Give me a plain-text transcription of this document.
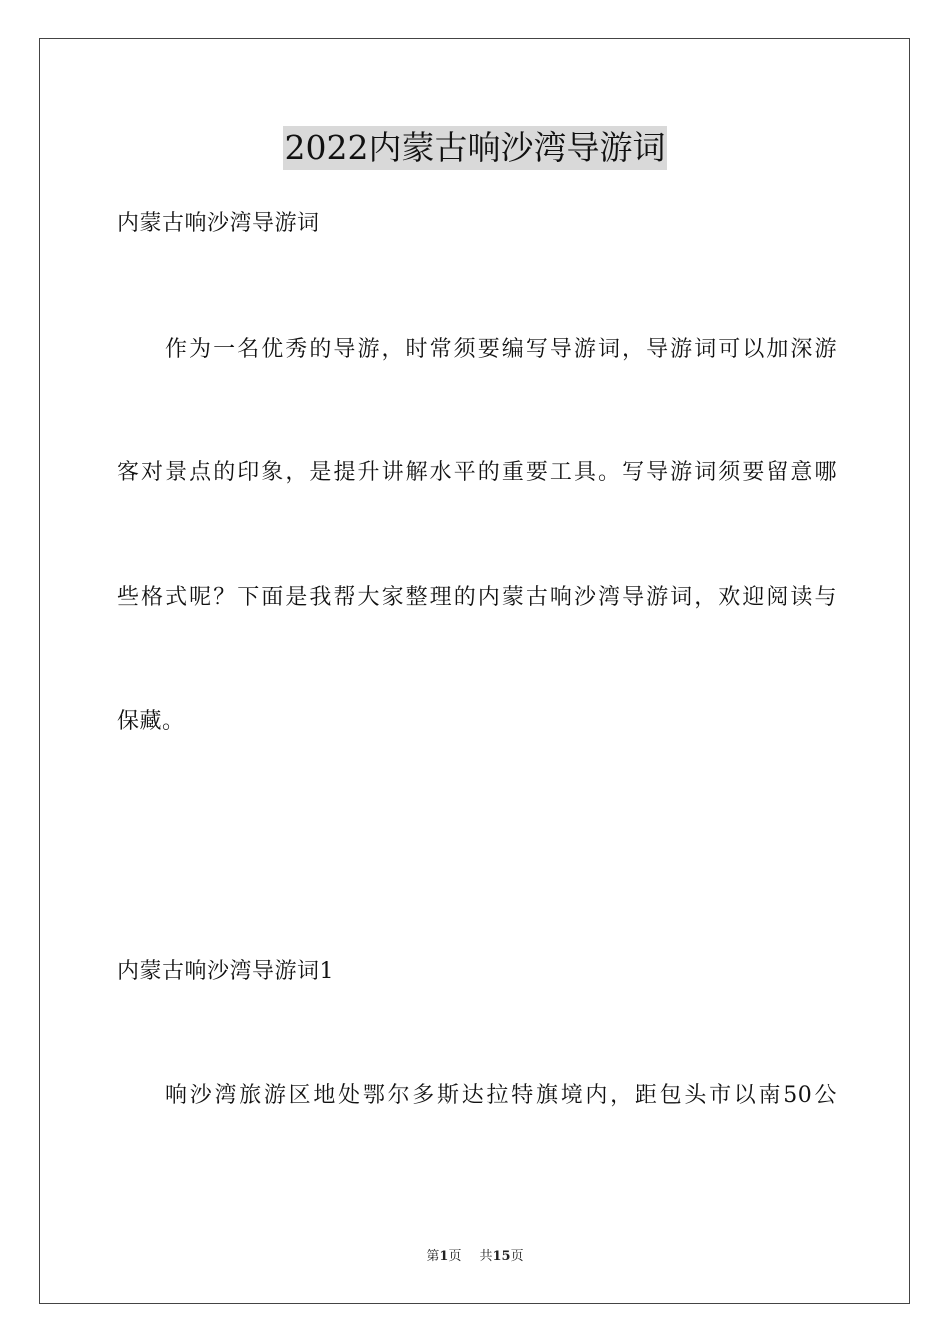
2022内蒙古响沙湾导游词
内蒙古响沙湾导游词
作为一名优秀的导游，时常须要编写导游词，导游词可以加深游
客对景点的印象，是提升讲解水平的重要工具。写导游词须要留意哪
些格式呢？下面是我帮大家整理的内蒙古响沙湾导游词，欢迎阅读与
保藏。
内蒙古响沙湾导游词1
响沙湾旅游区地处鄂尔多斯达拉特旗境内，距包头市以南50公
第1页 共15页
